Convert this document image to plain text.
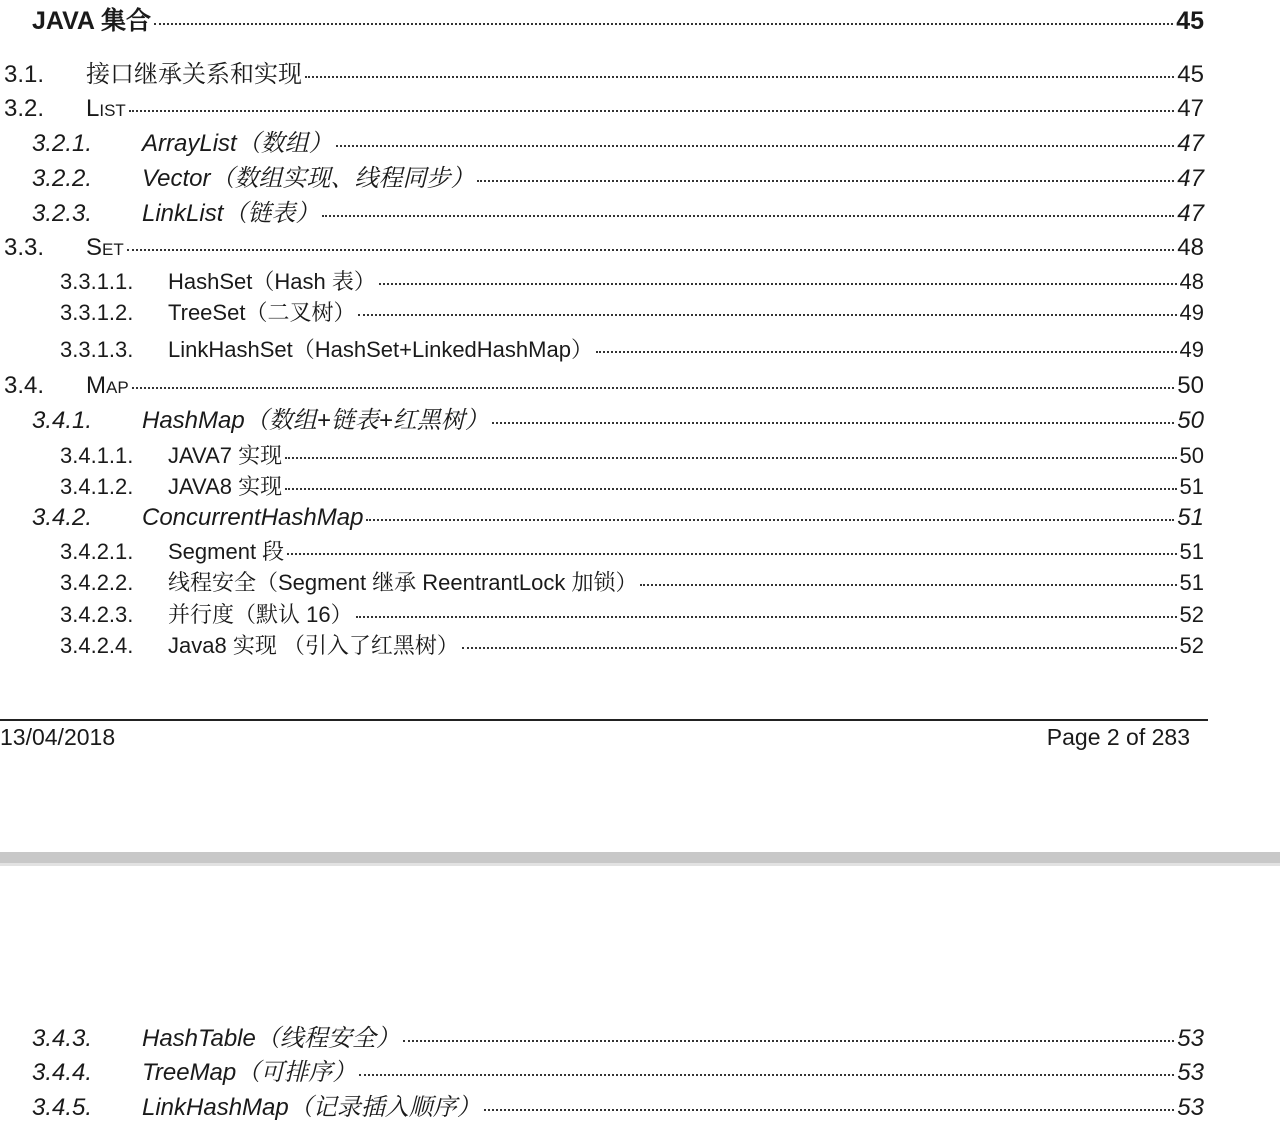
JAVA 集合	45
3.1.	接口继承关系和实现	45
3.2.	List	47
3.2.1.	ArrayList（数组）	47
3.2.2.	Vector（数组实现、线程同步）	47
3.2.3.	LinkList（链表）	47
3.3.	Set	48
3.3.1.1.	HashSet（Hash 表）	48
3.3.1.2.	TreeSet（二叉树）	49
3.3.1.3.	LinkHashSet（HashSet+LinkedHashMap）	49
3.4.	Map	50
3.4.1.	HashMap（数组+链表+红黑树）	50
3.4.1.1.	JAVA7 实现	50
3.4.1.2.	JAVA8 实现	51
3.4.2.	ConcurrentHashMap	51
3.4.2.1.	Segment 段	51
3.4.2.2.	线程安全（Segment 继承 ReentrantLock 加锁）	51
3.4.2.3.	并行度（默认 16）	52
3.4.2.4.	Java8 实现 （引入了红黑树）	52
13/04/2018	Page 2 of 283
3.4.3.	HashTable（线程安全）	53
3.4.4.	TreeMap（可排序）	53
3.4.5.	LinkHashMap（记录插入顺序）	53
